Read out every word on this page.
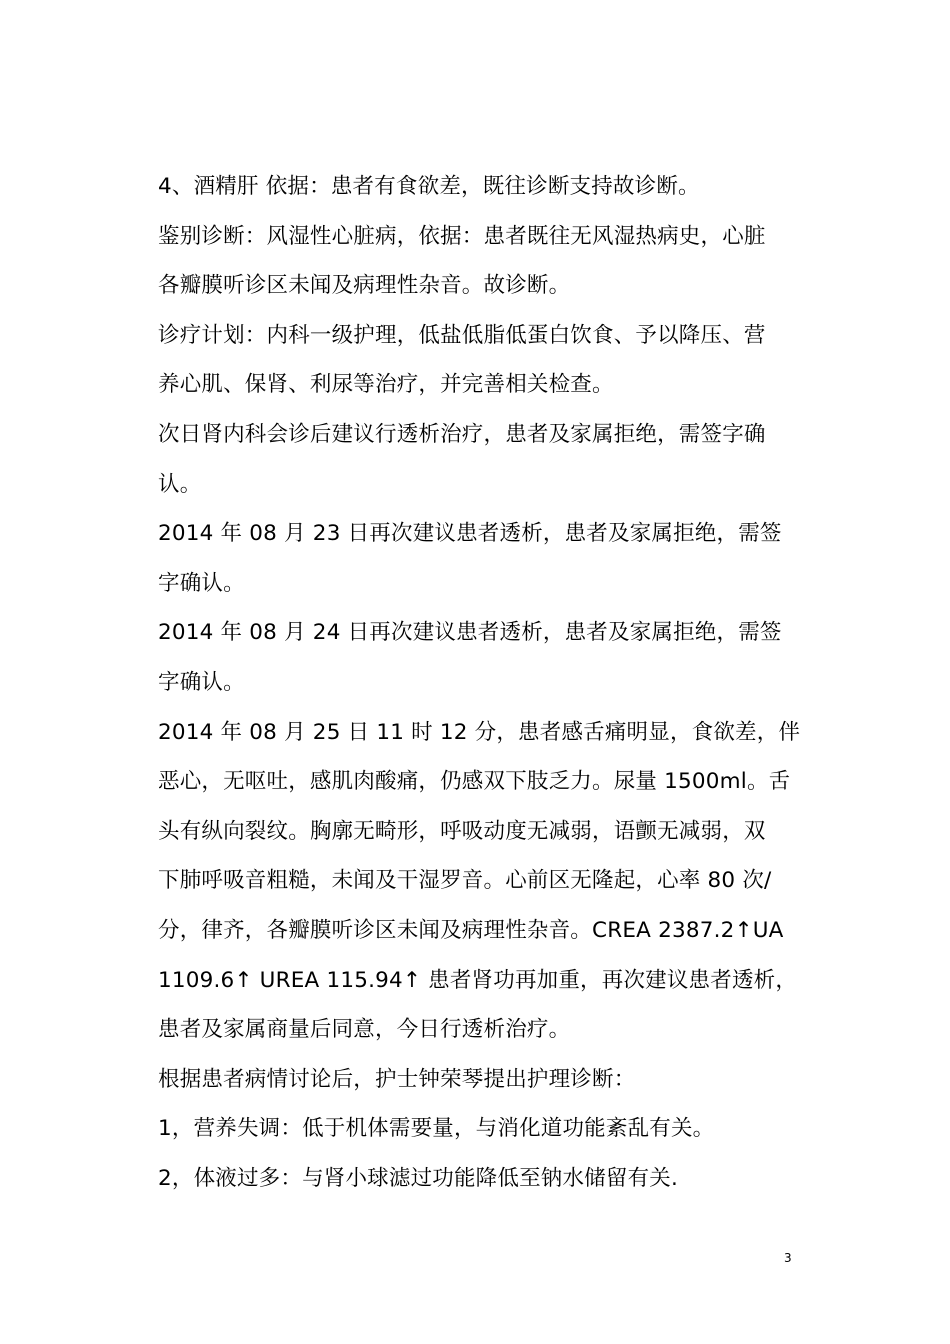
4、酒精肝 依据：患者有食欲差，既往诊断支持故诊断。
鉴别诊断：风湿性心脏病，依据：患者既往无风湿热病史，心脏
各瓣膜听诊区未闻及病理性杂音。故诊断。
诊疗计划：内科一级护理，低盐低脂低蛋白饮食、予以降压、营
养心肌、保肾、利尿等治疗，并完善相关检查。
次日肾内科会诊后建议行透析治疗，患者及家属拒绝，需签字确
认。
2014 年 08 月 23 日再次建议患者透析，患者及家属拒绝，需签
字确认。
2014 年 08 月 24 日再次建议患者透析，患者及家属拒绝，需签
字确认。
2014 年 08 月 25 日 11 时 12 分，患者感舌痛明显，食欲差，伴
恶心，无呕吐，感肌肉酸痛，仍感双下肢乏力。尿量 1500ml。舌
头有纵向裂纹。胸廓无畸形，呼吸动度无减弱，语颤无减弱，双
下肺呼吸音粗糙，未闻及干湿罗音。心前区无隆起，心率 80 次/
分，律齐，各瓣膜听诊区未闻及病理性杂音。CREA 2387.2↑UA
1109.6↑ UREA 115.94↑ 患者肾功再加重，再次建议患者透析，
患者及家属商量后同意，今日行透析治疗。
根据患者病情讨论后，护士钟荣琴提出护理诊断：
1，营养失调：低于机体需要量，与消化道功能紊乱有关。
2，体液过多：与肾小球滤过功能降低至钠水储留有关.
3
